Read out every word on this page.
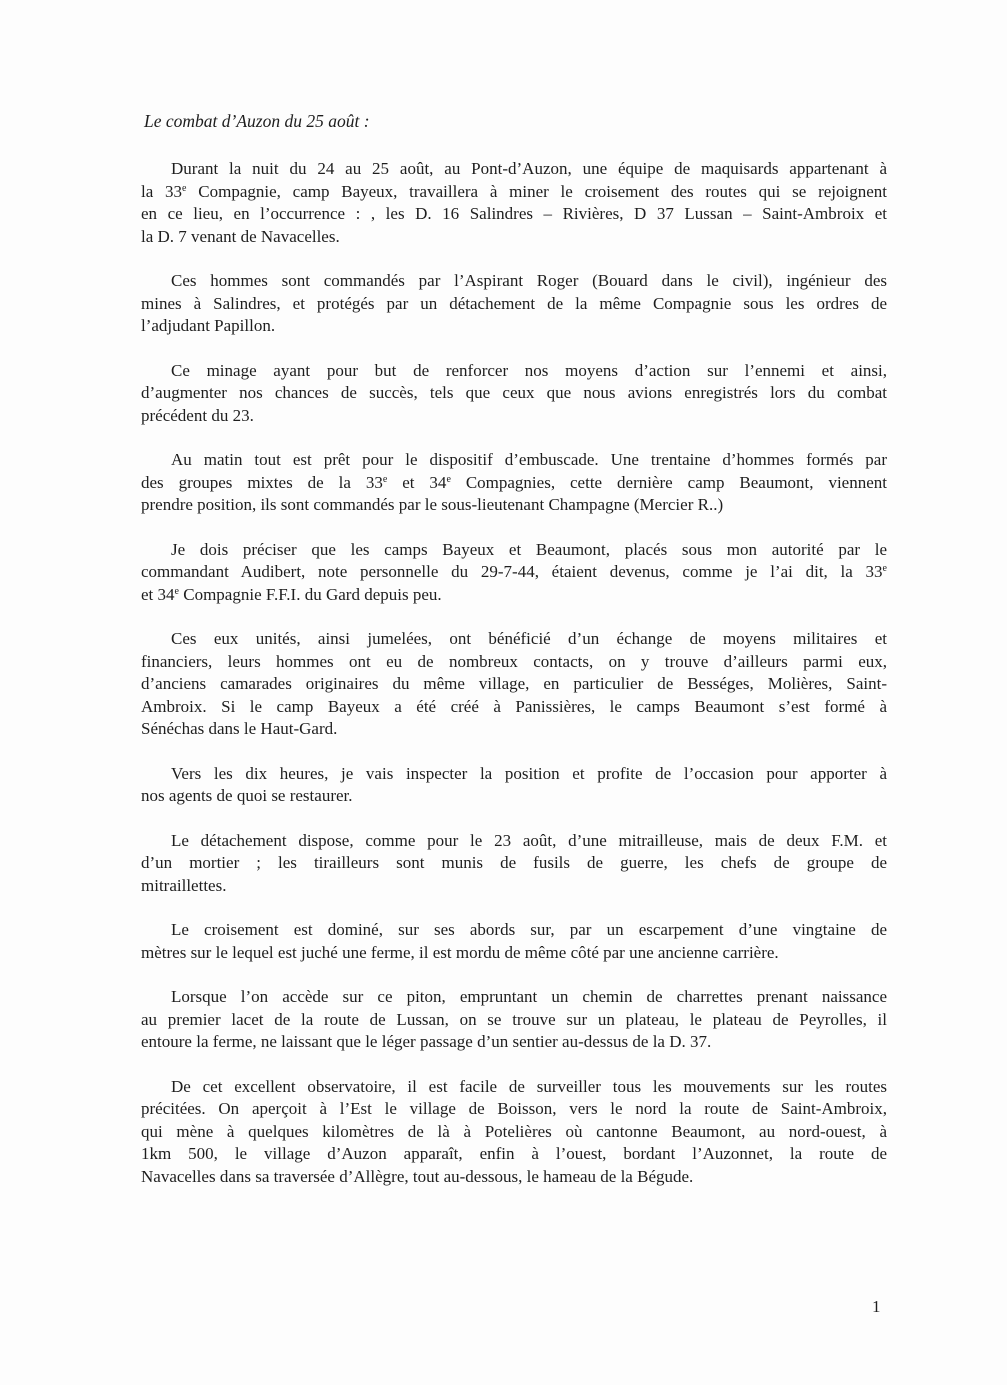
Le combat d’Auzon du 25 août :
Durant la nuit du 24 au 25 août, au Pont-d’Auzon, une équipe de maquisards appartenant à
la 33e Compagnie, camp Bayeux, travaillera à miner le croisement des routes qui se rejoignent
en ce lieu, en l’occurrence : , les D. 16 Salindres – Rivières, D 37 Lussan – Saint-Ambroix et
la D. 7 venant de Navacelles.
Ces hommes sont commandés par l’Aspirant Roger (Bouard dans le civil), ingénieur des
mines à Salindres, et protégés par un détachement de la même Compagnie sous les ordres de
l’adjudant Papillon.
Ce minage ayant pour but de renforcer nos moyens d’action sur l’ennemi et ainsi,
d’augmenter nos chances de succès, tels que ceux que nous avions enregistrés lors du combat
précédent du 23.
Au matin tout est prêt pour le dispositif d’embuscade. Une trentaine d’hommes formés par
des groupes mixtes de la 33e et 34e Compagnies, cette dernière camp Beaumont, viennent
prendre position, ils sont commandés par le sous-lieutenant Champagne (Mercier R..)
Je dois préciser que les camps Bayeux et Beaumont, placés sous mon autorité par le
commandant Audibert, note personnelle du 29-7-44, étaient devenus, comme je l’ai dit, la 33e
et 34e Compagnie F.F.I. du Gard depuis peu.
Ces eux unités, ainsi jumelées, ont bénéficié d’un échange de moyens militaires et
financiers, leurs hommes ont eu de nombreux contacts, on y trouve d’ailleurs parmi eux,
d’anciens camarades originaires du même village, en particulier de Bességes, Molières, Saint-
Ambroix. Si le camp Bayeux a été créé à Panissières, le camps Beaumont s’est formé à
Sénéchas dans le Haut-Gard.
Vers les dix heures, je vais inspecter la position et profite de l’occasion pour apporter à
nos agents de quoi se restaurer.
Le détachement dispose, comme pour le 23 août, d’une mitrailleuse, mais de deux F.M. et
d’un mortier ; les tirailleurs sont munis de fusils de guerre, les chefs de groupe de
mitraillettes.
Le croisement est dominé, sur ses abords sur, par un escarpement d’une vingtaine de
mètres sur le lequel est juché une ferme, il est mordu de même côté par une ancienne carrière.
Lorsque l’on accède sur ce piton, empruntant un chemin de charrettes prenant naissance
au premier lacet de la route de Lussan, on se trouve sur un plateau, le plateau de Peyrolles, il
entoure la ferme, ne laissant que le léger passage d’un sentier au-dessus de la D. 37.
De cet excellent observatoire, il est facile de surveiller tous les mouvements sur les routes
précitées. On aperçoit à l’Est le village de Boisson, vers le nord la route de Saint-Ambroix,
qui mène à quelques kilomètres de là à Potelières où cantonne Beaumont, au nord-ouest, à
1km 500, le village d’Auzon apparaît, enfin à l’ouest, bordant l’Auzonnet, la route de
Navacelles dans sa traversée d’Allègre, tout au-dessous, le hameau de la Bégude.
1
